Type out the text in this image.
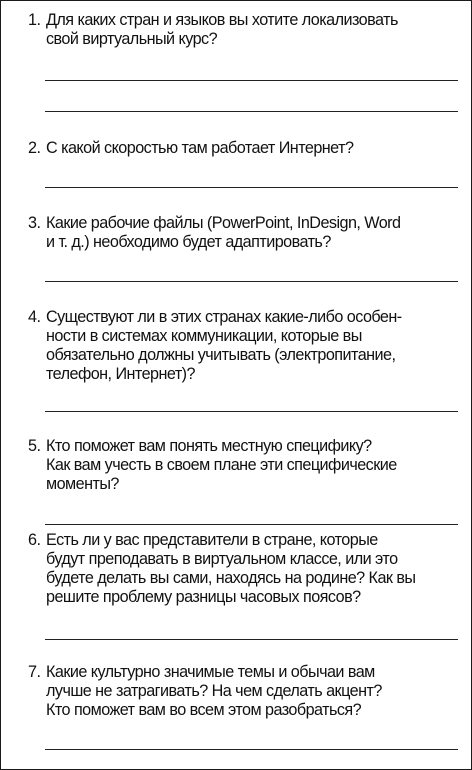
1. Для каких стран и языков вы хотите локализовать
свой виртуальный курс?
2. С какой скоростью там работает Интернет?
3. Какие рабочие файлы (PowerPoint, InDesign, Word
и т. д.) необходимо будет адаптировать?
4. Существуют ли в этих странах какие-либо особен-
ности в системах коммуникации, которые вы
обязательно должны учитывать (электропитание,
телефон, Интернет)?
5. Кто поможет вам понять местную специфику?
Как вам учесть в своем плане эти специфические
моменты?
6. Есть ли у вас представители в стране, которые
будут преподавать в виртуальном классе, или это
будете делать вы сами, находясь на родине? Как вы
решите проблему разницы часовых поясов?
7. Какие культурно значимые темы и обычаи вам
лучше не затрагивать? На чем сделать акцент?
Кто поможет вам во всем этом разобраться?
